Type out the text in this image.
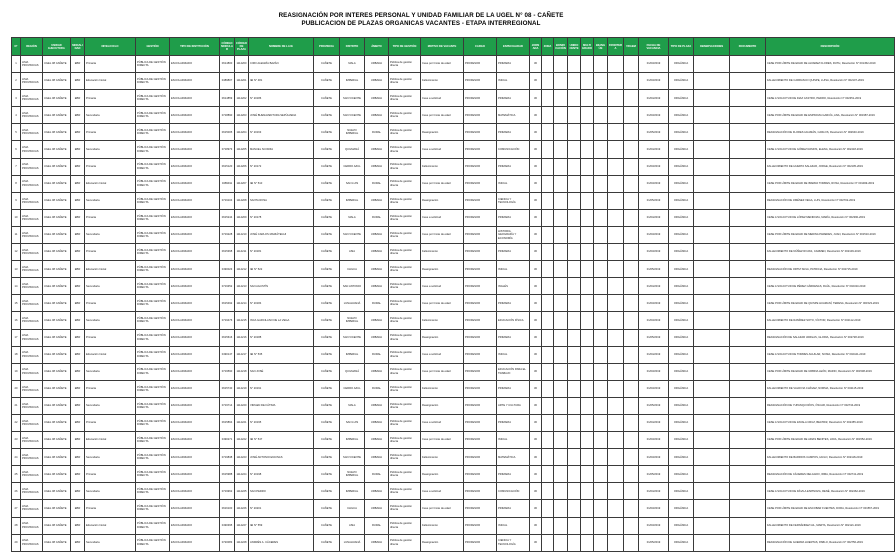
REASIGNACIÓN POR INTERES PERSONAL Y UNIDAD FAMILIAR DE LA UGEL N° 08 - CAÑETE
PUBLICACION DE PLAZAS ORGANICAS VACANTES - ETAPA INTERREGIONAL
N°	REGIÓN	UNIDAD EJECUTORA	MODALIDAD	NIVEL/CICLO	GESTIÓN	TIPO DE INSTITUCIÓN	CÓDIGO MODULAR	CÓDIGO DE PLAZA	NOMBRE DE LA IE	PROVINCIA	DISTRITO	ÁMBITO	TIPO DE GESTIÓN	MOTIVO DE VACANTE	CARGO	ESPECIALIDAD	JORNADA	ZONA	BONIFICACIÓN	UNIDOCENTE	MULTIGRADO	BILINGÜE	FRONTERA	VRAEM	FECHA DE VACANCIA	TIPO DE PLAZA	OBSERVACIONES	DOCUMENTO	DESCRIPCIÓN
1	LIMA PROVINCIAS	UGEL 08 CAÑETE	EBR	Primaria	PÚBLICA DE GESTIÓN DIRECTA	ESCOLARIZADO	0614800	1114200	CIRO ALEGRÍA BAZÁN	CAÑETE	MALA	URBANA	Pública de gestión directa	Cese por límite de edad	PROFESOR	PRIMARIA	30								01/03/2019	ORGÁNICA			CESE POR LÍMITE DE EDAD DE ALVAREZ FLORES, RUTH, Resolución N° 001452-2019
2	LIMA PROVINCIAS	UGEL 08 CAÑETE	EBR	Educación Inicial	PÚBLICA DE GESTIÓN DIRECTA	ESCOLARIZADO	0489807	1114201	IEI N° 481	CAÑETE	IMPERIAL	URBANA	Pública de gestión directa	Fallecimiento	PROFESOR	INICIAL	30								01/03/2019	ORGÁNICA			FALLECIMIENTO DE CARRASCO QUISPE, LUISA, Resolución N° 002107-2019
3	LIMA PROVINCIAS	UGEL 08 CAÑETE	EBR	Primaria	PÚBLICA DE GESTIÓN DIRECTA	ESCOLARIZADO	0614859	1114202	N° 20186	CAÑETE	SAN VICENTE	URBANA	Pública de gestión directa	Cese a solicitud	PROFESOR	PRIMARIA	30								01/04/2019	ORGÁNICA			CESE A SOLICITUD DE DIAZ CASTRO, PEDRO, Resolución N° 002351-2019
4	LIMA PROVINCIAS	UGEL 08 CAÑETE	EBR	Secundaria	PÚBLICA DE GESTIÓN DIRECTA	ESCOLARIZADO	0718890	1114203	JOSÉ BUENAVENTURA SEPÚLVEDA	CAÑETE	SAN VICENTE	URBANA	Pública de gestión directa	Cese por límite de edad	PROFESOR	MATEMÁTICA	30								01/03/2019	ORGÁNICA			CESE POR LÍMITE DE EDAD DE ESPINOZA GARCÍA, ANA, Resolución N° 001987-2019
5	LIMA PROVINCIAS	UGEL 08 CAÑETE	EBR	Primaria	PÚBLICA DE GESTIÓN DIRECTA	ESCOLARIZADO	0615005	1114204	N° 20163	CAÑETE	NUEVO IMPERIAL	RURAL	Pública de gestión directa	Reasignación	PROFESOR	PRIMARIA	30								01/05/2019	ORGÁNICA			REASIGNACIÓN DE FLORES HUAMÁN, CARLOS, Resolución N° 002640-2019
6	LIMA PROVINCIAS	UGEL 08 CAÑETE	EBR	Secundaria	PÚBLICA DE GESTIÓN DIRECTA	ESCOLARIZADO	0718973	1114205	MANUEL SCORZA	CAÑETE	QUILMANÁ	URBANA	Pública de gestión directa	Cese a solicitud	PROFESOR	COMUNICACIÓN	30								01/04/2019	ORGÁNICA			CESE A SOLICITUD DE GÓMEZ RAMOS, ELENA, Resolución N° 002418-2019
7	LIMA PROVINCIAS	UGEL 08 CAÑETE	EBR	Primaria	PÚBLICA DE GESTIÓN DIRECTA	ESCOLARIZADO	0615120	1114206	N° 20172	CAÑETE	CERRO AZUL	URBANA	Pública de gestión directa	Fallecimiento	PROFESOR	PRIMARIA	30								01/03/2019	ORGÁNICA			FALLECIMIENTO DE HUERTA SALAZAR, JORGE, Resolución N° 002105-2019
8	LIMA PROVINCIAS	UGEL 08 CAÑETE	EBR	Educación Inicial	PÚBLICA DE GESTIÓN DIRECTA	ESCOLARIZADO	0489911	1114207	IEI N° 510	CAÑETE	SAN LUIS	RURAL	Pública de gestión directa	Cese por límite de edad	PROFESOR	INICIAL	30								01/03/2019	ORGÁNICA			CESE POR LÍMITE DE EDAD DE IBARRA TORRES, ROSA, Resolución N° 001499-2019
9	LIMA PROVINCIAS	UGEL 08 CAÑETE	EBR	Secundaria	PÚBLICA DE GESTIÓN DIRECTA	ESCOLARIZADO	0719104	1114208	SANTA ROSA	CAÑETE	IMPERIAL	URBANA	Pública de gestión directa	Reasignación	PROFESOR	CIENCIA Y TECNOLOGÍA	30								01/05/2019	ORGÁNICA			REASIGNACIÓN DE JIMÉNEZ VEGA, LUIS, Resolución N° 002702-2019
10	LIMA PROVINCIAS	UGEL 08 CAÑETE	EBR	Primaria	PÚBLICA DE GESTIÓN DIRECTA	ESCOLARIZADO	0615244	1114209	N° 20178	CAÑETE	MALA	RURAL	Pública de gestión directa	Cese a solicitud	PROFESOR	PRIMARIA	30								01/04/2019	ORGÁNICA			CESE A SOLICITUD DE LÓPEZ MENDOZA, MARÍA, Resolución N° 002390-2019
11	LIMA PROVINCIAS	UGEL 08 CAÑETE	EBR	Secundaria	PÚBLICA DE GESTIÓN DIRECTA	ESCOLARIZADO	0719228	1114210	JOSÉ CARLOS MARIÁTEGUI	CAÑETE	SAN VICENTE	URBANA	Pública de gestión directa	Cese por límite de edad	PROFESOR	HISTORIA, GEOGRAFÍA Y ECONOMÍA	30								01/03/2019	ORGÁNICA			CESE POR LÍMITE DE EDAD DE MEDINA PAREDES, JUAN, Resolución N° 001510-2019
12	LIMA PROVINCIAS	UGEL 08 CAÑETE	EBR	Primaria	PÚBLICA DE GESTIÓN DIRECTA	ESCOLARIZADO	0615368	1114211	N° 20181	CAÑETE	ASIA	URBANA	Pública de gestión directa	Fallecimiento	PROFESOR	PRIMARIA	30								01/03/2019	ORGÁNICA			FALLECIMIENTO DE NÚÑEZ ROJAS, CARMEN, Resolución N° 002109-2019
13	LIMA PROVINCIAS	UGEL 08 CAÑETE	EBR	Educación Inicial	PÚBLICA DE GESTIÓN DIRECTA	ESCOLARIZADO	0490023	1114212	IEI N° 522	CAÑETE	CHILCA	URBANA	Pública de gestión directa	Reasignación	PROFESOR	INICIAL	30								01/05/2019	ORGÁNICA			REASIGNACIÓN DE ORTIZ SILVA, PATRICIA, Resolución N° 002715-2019
14	LIMA PROVINCIAS	UGEL 08 CAÑETE	EBR	Secundaria	PÚBLICA DE GESTIÓN DIRECTA	ESCOLARIZADO	0719352	1114213	SAN AGUSTÍN	CAÑETE	SAN ANTONIO	URBANA	Pública de gestión directa	Cese a solicitud	PROFESOR	INGLÉS	30								01/04/2019	ORGÁNICA			CESE A SOLICITUD DE PÉREZ CÁRDENAS, RAÚL, Resolución N° 002433-2019
15	LIMA PROVINCIAS	UGEL 08 CAÑETE	EBR	Primaria	PÚBLICA DE GESTIÓN DIRECTA	ESCOLARIZADO	0615492	1114214	N° 20184	CAÑETE	LUNAHUANÁ	RURAL	Pública de gestión directa	Cese por límite de edad	PROFESOR	PRIMARIA	30								01/03/2019	ORGÁNICA			CESE POR LÍMITE DE EDAD DE QUISPE HUAMANÍ, TERESA, Resolución N° 001523-2019
16	LIMA PROVINCIAS	UGEL 08 CAÑETE	EBR	Secundaria	PÚBLICA DE GESTIÓN DIRECTA	ESCOLARIZADO	0719476	1114215	INCA GARCILASO DE LA VEGA	CAÑETE	NUEVO IMPERIAL	URBANA	Pública de gestión directa	Fallecimiento	PROFESOR	EDUCACIÓN FÍSICA	30								01/03/2019	ORGÁNICA			FALLECIMIENTO DE RAMÍREZ SOTO, VÍCTOR, Resolución N° 002112-2019
17	LIMA PROVINCIAS	UGEL 08 CAÑETE	EBR	Primaria	PÚBLICA DE GESTIÓN DIRECTA	ESCOLARIZADO	0615616	1114216	N° 20188	CAÑETE	SAN VICENTE	URBANA	Pública de gestión directa	Reasignación	PROFESOR	PRIMARIA	30								01/05/2019	ORGÁNICA			REASIGNACIÓN DE SALAZAR VARGAS, GLORIA, Resolución N° 002728-2019
18	LIMA PROVINCIAS	UGEL 08 CAÑETE	EBR	Educación Inicial	PÚBLICA DE GESTIÓN DIRECTA	ESCOLARIZADO	0490147	1114217	IEI N° 535	CAÑETE	IMPERIAL	RURAL	Pública de gestión directa	Cese a solicitud	PROFESOR	INICIAL	30								01/04/2019	ORGÁNICA			CESE A SOLICITUD DE TORRES AGUILAR, SONIA, Resolución N° 002441-2019
19	LIMA PROVINCIAS	UGEL 08 CAÑETE	EBR	Secundaria	PÚBLICA DE GESTIÓN DIRECTA	ESCOLARIZADO	0719590	1114218	SAN JOSÉ	CAÑETE	QUILMANÁ	URBANA	Pública de gestión directa	Cese por límite de edad	PROFESOR	EDUCACIÓN PARA EL TRABAJO	30								01/03/2019	ORGÁNICA			CESE POR LÍMITE DE EDAD DE URBINA LEÓN, MARIO, Resolución N° 001538-2019
20	LIMA PROVINCIAS	UGEL 08 CAÑETE	EBR	Primaria	PÚBLICA DE GESTIÓN DIRECTA	ESCOLARIZADO	0615740	1114219	N° 20191	CAÑETE	CERRO AZUL	RURAL	Pública de gestión directa	Fallecimiento	PROFESOR	PRIMARIA	30								01/03/2019	ORGÁNICA			FALLECIMIENTO DE VALDIVIA CHÁVEZ, NORMA, Resolución N° 002115-2019
21	LIMA PROVINCIAS	UGEL 08 CAÑETE	EBR	Secundaria	PÚBLICA DE GESTIÓN DIRECTA	ESCOLARIZADO	0719714	1114220	VIRGEN DE FÁTIMA	CAÑETE	MALA	URBANA	Pública de gestión directa	Reasignación	PROFESOR	ARTE Y CULTURA	30								01/05/2019	ORGÁNICA			REASIGNACIÓN DE YUPANQUI RÍOS, ÓSCAR, Resolución N° 002734-2019
22	LIMA PROVINCIAS	UGEL 08 CAÑETE	EBR	Primaria	PÚBLICA DE GESTIÓN DIRECTA	ESCOLARIZADO	0615864	1114221	N° 20195	CAÑETE	SAN LUIS	URBANA	Pública de gestión directa	Cese a solicitud	PROFESOR	PRIMARIA	30								01/04/2019	ORGÁNICA			CESE A SOLICITUD DE ZAVALA CRUZ, BEATRIZ, Resolución N° 002455-2019
23	LIMA PROVINCIAS	UGEL 08 CAÑETE	EBR	Educación Inicial	PÚBLICA DE GESTIÓN DIRECTA	ESCOLARIZADO	0490271	1114222	IEI N° 547	CAÑETE	IMPERIAL	URBANA	Pública de gestión directa	Cese por límite de edad	PROFESOR	INICIAL	30								01/03/2019	ORGÁNICA			CESE POR LÍMITE DE EDAD DE ARIAS BENITES, LIDIA, Resolución N° 001552-2019
24	LIMA PROVINCIAS	UGEL 08 CAÑETE	EBR	Secundaria	PÚBLICA DE GESTIÓN DIRECTA	ESCOLARIZADO	0719838	1114223	JOSÉ ANTONIO ENCINAS	CAÑETE	SAN VICENTE	URBANA	Pública de gestión directa	Fallecimiento	PROFESOR	MATEMÁTICA	30								01/03/2019	ORGÁNICA			FALLECIMIENTO DE BARRIOS CAMPOS, HUGO, Resolución N° 002118-2019
25	LIMA PROVINCIAS	UGEL 08 CAÑETE	EBR	Primaria	PÚBLICA DE GESTIÓN DIRECTA	ESCOLARIZADO	0615988	1114224	N° 20198	CAÑETE	NUEVO IMPERIAL	RURAL	Pública de gestión directa	Reasignación	PROFESOR	PRIMARIA	30								01/05/2019	ORGÁNICA			REASIGNACIÓN DE CÁCERES DELGADO, IRMA, Resolución N° 002741-2019
26	LIMA PROVINCIAS	UGEL 08 CAÑETE	EBR	Secundaria	PÚBLICA DE GESTIÓN DIRECTA	ESCOLARIZADO	0719962	1114225	SAN PEDRO	CAÑETE	IMPERIAL	URBANA	Pública de gestión directa	Cese a solicitud	PROFESOR	COMUNICACIÓN	30								01/04/2019	ORGÁNICA			CESE A SOLICITUD DE DÁVILA ESPINOZA, RENÉ, Resolución N° 002462-2019
27	LIMA PROVINCIAS	UGEL 08 CAÑETE	EBR	Primaria	PÚBLICA DE GESTIÓN DIRECTA	ESCOLARIZADO	0616100	1114226	N° 20201	CAÑETE	CHILCA	URBANA	Pública de gestión directa	Cese por límite de edad	PROFESOR	PRIMARIA	30								01/03/2019	ORGÁNICA			CESE POR LÍMITE DE EDAD DE ESCOBAR FUENTES, DORA, Resolución N° 001567-2019
28	LIMA PROVINCIAS	UGEL 08 CAÑETE	EBR	Educación Inicial	PÚBLICA DE GESTIÓN DIRECTA	ESCOLARIZADO	0490395	1114227	IEI N° 559	CAÑETE	ASIA	RURAL	Pública de gestión directa	Fallecimiento	PROFESOR	INICIAL	30								01/03/2019	ORGÁNICA			FALLECIMIENTO DE FERNÁNDEZ GIL, MARTA, Resolución N° 002121-2019
29	LIMA PROVINCIAS	UGEL 08 CAÑETE	EBR	Secundaria	PÚBLICA DE GESTIÓN DIRECTA	ESCOLARIZADO	0720083	1114228	ANDRÉS A. CÁCERES	CAÑETE	LUNAHUANÁ	URBANA	Pública de gestión directa	Reasignación	PROFESOR	CIENCIA Y TECNOLOGÍA	30								01/05/2019	ORGÁNICA			REASIGNACIÓN DE GUERRA HUERTAS, PABLO, Resolución N° 002756-2019
